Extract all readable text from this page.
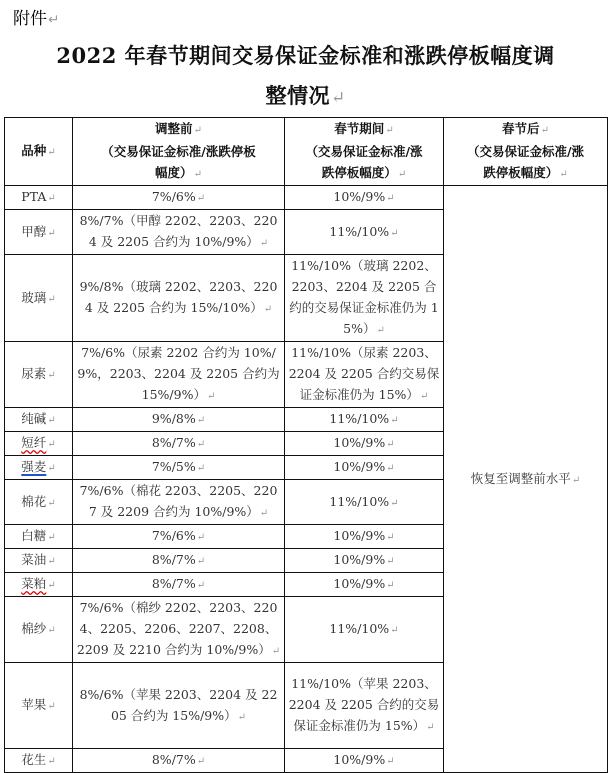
附件↵
2022 年春节期间交易保证金标准和涨跌停板幅度调
整情况↵
品种↵	调整前↵
（交易保证金标准/涨跌停板
幅度）↵	春节期间↵
（交易保证金标准/涨
跌停板幅度）↵	春节后↵
（交易保证金标准/涨
跌停板幅度）↵
PTA↵	7%/6%↵	10%/9%↵	恢复至调整前水平↵
甲醇↵	8%/7%（甲醇 2202、2203、2204 及 2205 合约为 10%/9%）↵	11%/10%↵	
玻璃↵	9%/8%（玻璃 2202、2203、2204 及 2205 合约为 15%/10%）↵	11%/10%（玻璃 2202、2203、2204 及 2205 合约的交易保证金标准仍为 15%）↵	
尿素↵	7%/6%（尿素 2202 合约为 10%/9%，2203、2204 及 2205 合约为 15%/9%）↵	11%/10%（尿素 2203、2204 及 2205 合约交易保证金标准仍为 15%）↵	
纯碱↵	9%/8%↵	11%/10%↵	
短纤↵	8%/7%↵	10%/9%↵	
强麦↵	7%/5%↵	10%/9%↵	
棉花↵	7%/6%（棉花 2203、2205、2207 及 2209 合约为 10%/9%）↵	11%/10%↵	
白糖↵	7%/6%↵	10%/9%↵	
菜油↵	8%/7%↵	10%/9%↵	
菜粕↵	8%/7%↵	10%/9%↵	
棉纱↵	7%/6%（棉纱 2202、2203、2204、2205、2206、2207、2208、2209 及 2210 合约为 10%/9%）↵	11%/10%↵	
苹果↵	8%/6%（苹果 2203、2204 及 2205 合约为 15%/9%）↵	11%/10%（苹果 2203、2204 及 2205 合约的交易保证金标准仍为 15%）↵	
花生↵	8%/7%↵	10%/9%↵	
